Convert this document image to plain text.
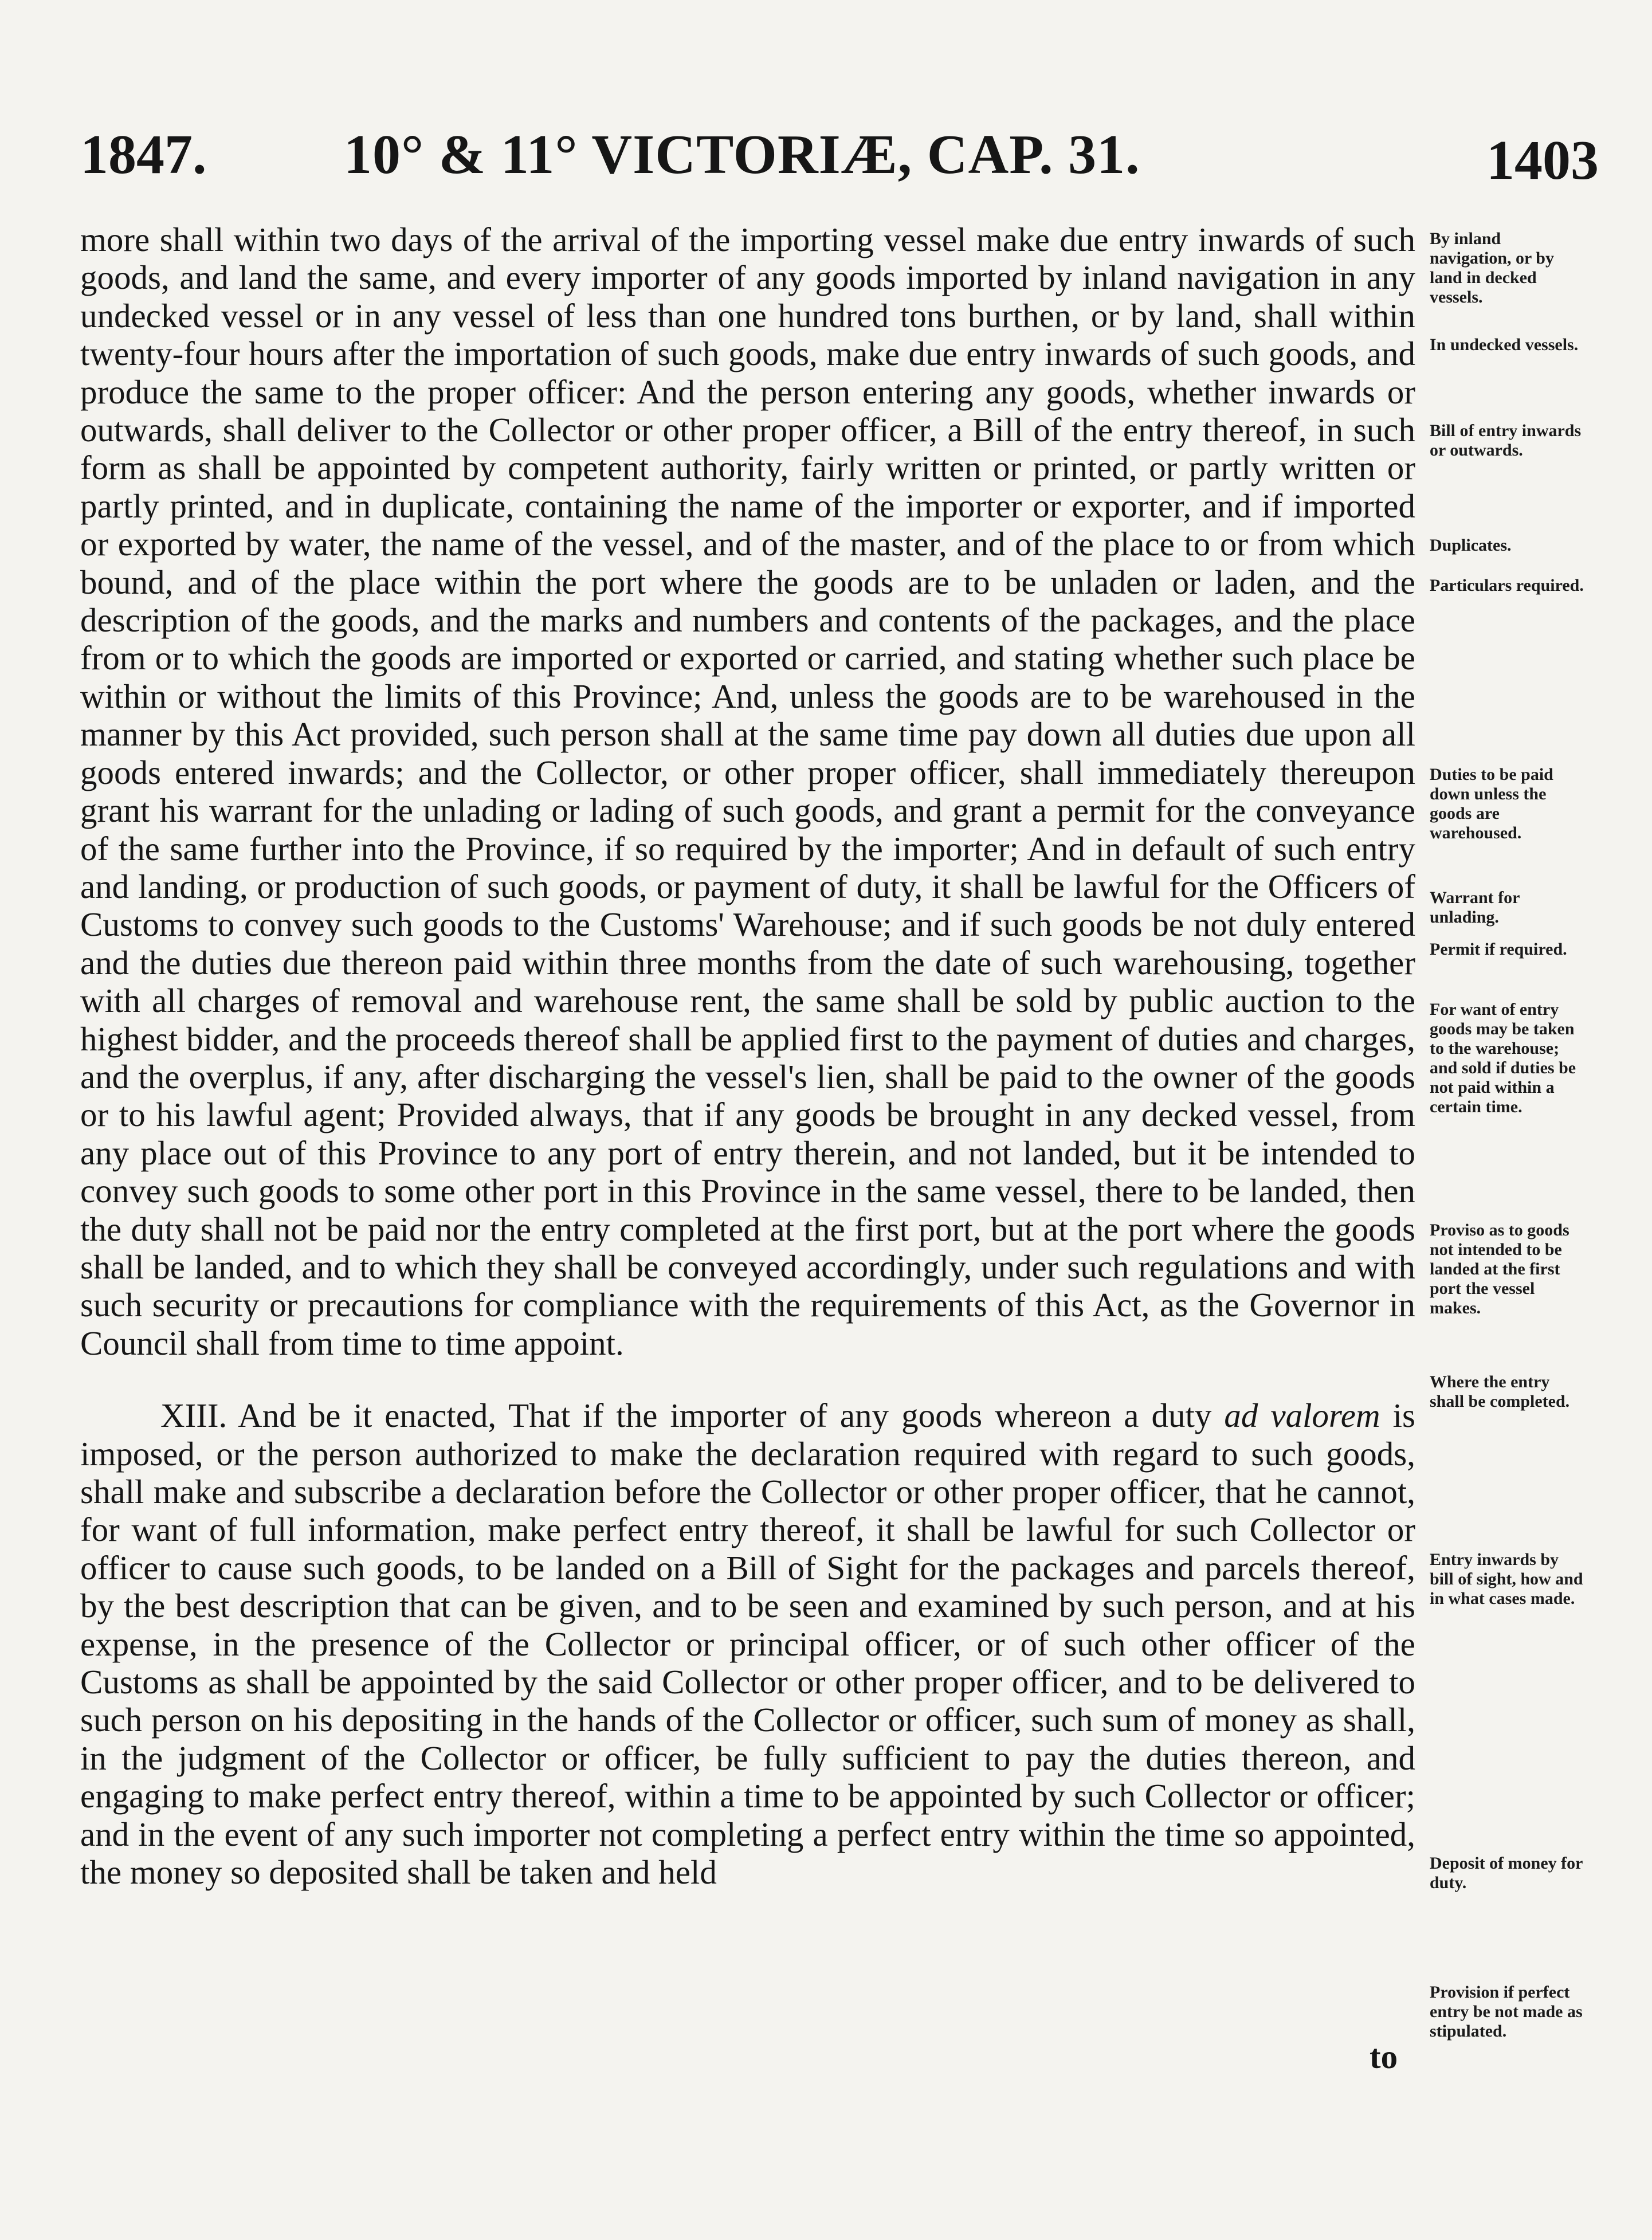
1847. 10° & 11° VICTORIÆ, CAP. 31.	1403

more shall within two days of the arrival of the importing vessel make due entry inwards of such goods, and land the same, and every importer of any goods imported by inland navigation in any undecked vessel or in any vessel of less than one hundred tons burthen, or by land, shall within twenty-four hours after the importation of such goods, make due entry inwards of such goods, and produce the same to the proper officer: And the person entering any goods, whether inwards or outwards, shall deliver to the Collector or other proper officer, a Bill of the entry thereof, in such form as shall be appointed by competent authority, fairly written or printed, or partly written or partly printed, and in duplicate, containing the name of the importer or exporter, and if imported or exported by water, the name of the vessel, and of the master, and of the place to or from which bound, and of the place within the port where the goods are to be unladen or laden, and the description of the goods, and the marks and numbers and contents of the packages, and the place from or to which the goods are imported or exported or carried, and stating whether such place be within or without the limits of this Province; And, unless the goods are to be warehoused in the manner by this Act provided, such person shall at the same time pay down all duties due upon all goods entered inwards; and the Collector, or other proper officer, shall immediately thereupon grant his warrant for the unlading or lading of such goods, and grant a permit for the conveyance of the same further into the Province, if so required by the importer; And in default of such entry and landing, or production of such goods, or payment of duty, it shall be lawful for the Officers of Customs to convey such goods to the Customs' Warehouse; and if such goods be not duly entered and the duties due thereon paid within three months from the date of such warehousing, together with all charges of removal and warehouse rent, the same shall be sold by public auction to the highest bidder, and the proceeds thereof shall be applied first to the payment of duties and charges, and the overplus, if any, after discharging the vessel's lien, shall be paid to the owner of the goods or to his lawful agent; Provided always, that if any goods be brought in any decked vessel, from any place out of this Province to any port of entry therein, and not landed, but it be intended to convey such goods to some other port in this Province in the same vessel, there to be landed, then the duty shall not be paid nor the entry completed at the first port, but at the port where the goods shall be landed, and to which they shall be conveyed accordingly, under such regulations and with such security or precautions for compliance with the requirements of this Act, as the Governor in Council shall from time to time appoint.

XIII. And be it enacted, That if the importer of any goods whereon a duty ad valorem is imposed, or the person authorized to make the declaration required with regard to such goods, shall make and subscribe a declaration before the Collector or other proper officer, that he cannot, for want of full information, make perfect entry thereof, it shall be lawful for such Collector or officer to cause such goods, to be landed on a Bill of Sight for the packages and parcels thereof, by the best description that can be given, and to be seen and examined by such person, and at his expense, in the presence of the Collector or principal officer, or of such other officer of the Customs as shall be appointed by the said Collector or other proper officer, and to be delivered to such person on his depositing in the hands of the Collector or officer, such sum of money as shall, in the judgment of the Collector or officer, be fully sufficient to pay the duties thereon, and engaging to make perfect entry thereof, within a time to be appointed by such Collector or officer; and in the event of any such importer not completing a perfect entry within the time so appointed, the money so deposited shall be taken and held

to
By inland navigation, or by land in decked vessels.
In undecked vessels.
Bill of entry inwards or outwards.
Duplicates.
Particulars required.
Duties to be paid down unless the goods are warehoused.
Warrant for unlading.
Permit if required.
For want of entry goods may be taken to the warehouse; and sold if duties be not paid within a certain time.
Proviso as to goods not intended to be landed at the first port the vessel makes.
Where the entry shall be completed.
Entry inwards by bill of sight, how and in what cases made.
Deposit of money for duty.
Provision if perfect entry be not made as stipulated.
